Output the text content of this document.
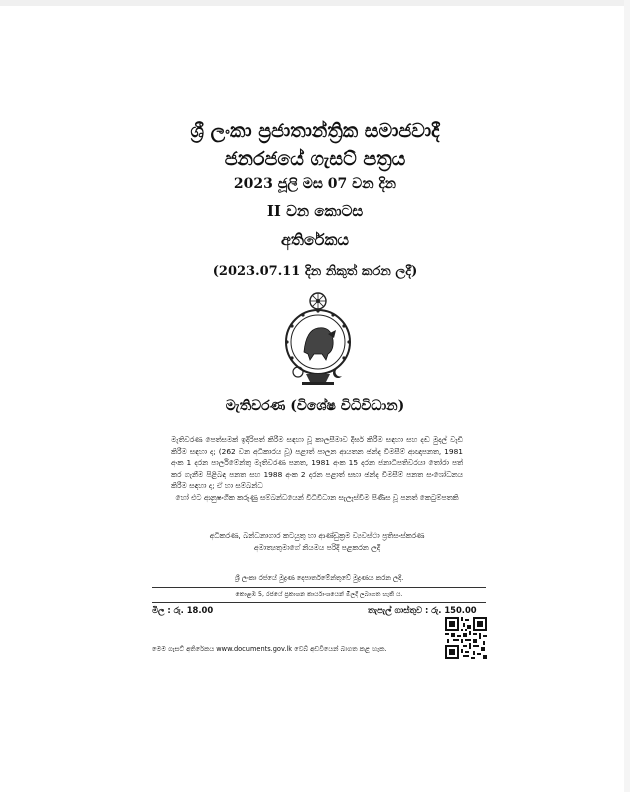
ශ්‍රී ලංකා ප්‍රජාතාන්ත්‍රික සමාජවාදී
ජනරජයේ ගැසට් පත්‍රය
2023 ජූලි මස 07 වන දින
II වන කොටස
අතිරේකය
(2023.07.11 දින නිකුත් කරන ලදී)
මැතිවරණ (විශේෂ විධිවිධාන)
මැතිවරණ පෙත්සමක් ඉදිරිපත් කිරීම සඳහා වූ කාලසීමාව දීර්ඝ කිරීම සඳහා සහ දඬ මුදල් වැඩි කිරීම සඳහා ද; (262 වන අධිකාරය වූ) පළාත් පාලන ආයතන ඡන්ද විමසීම් ආඥාපනත, 1981 අංක 1 දරන පාර්ලිමේන්තු මැතිවරණ පනත, 1981 අංක 15 දරන ජනාධිපතිවරයා තෝරා පත් කර ගැනීම පිළිබඳ පනත සහ 1988 අංක 2 දරන පළාත් සභා ඡන්ද විමසීම් පනත සංශෝධනය කිරීම සඳහා ද; ඒ හා සම්බන්ධ
හෝ එට ආනුෂංගික කරුණු සම්බන්ධයෙන් විධිවිධාන සැලැස්වීම පිණිස වූ පනත් කෙටුම්පතකි
අධිකරණ, බන්ධනාගාර කටයුතු හා ආණ්ඩුක්‍රම ව්‍යවස්ථා ප්‍රතිසංස්කරණ
අමාත්‍යතුමාගේ නියමය පරිදි පළකරන ලදී
ශ්‍රී ලංකා රජයේ මුද්‍රණ දෙපාර්තමේන්තුවේ මුද්‍රණය කරන ලදී.
කොළඹ 5, රජයේ ප්‍රකාශන කාර්යාංශයෙන් මිලදී ලබාගත හැකි ය.
මිල : රු. 18.00	තැපැල් ගාස්තුව : රු. 150.00
මෙම ගැසට් අතිරේකය www.documents.gov.lk වෙබ් අඩවියෙන් බාගත කළ හැක.
